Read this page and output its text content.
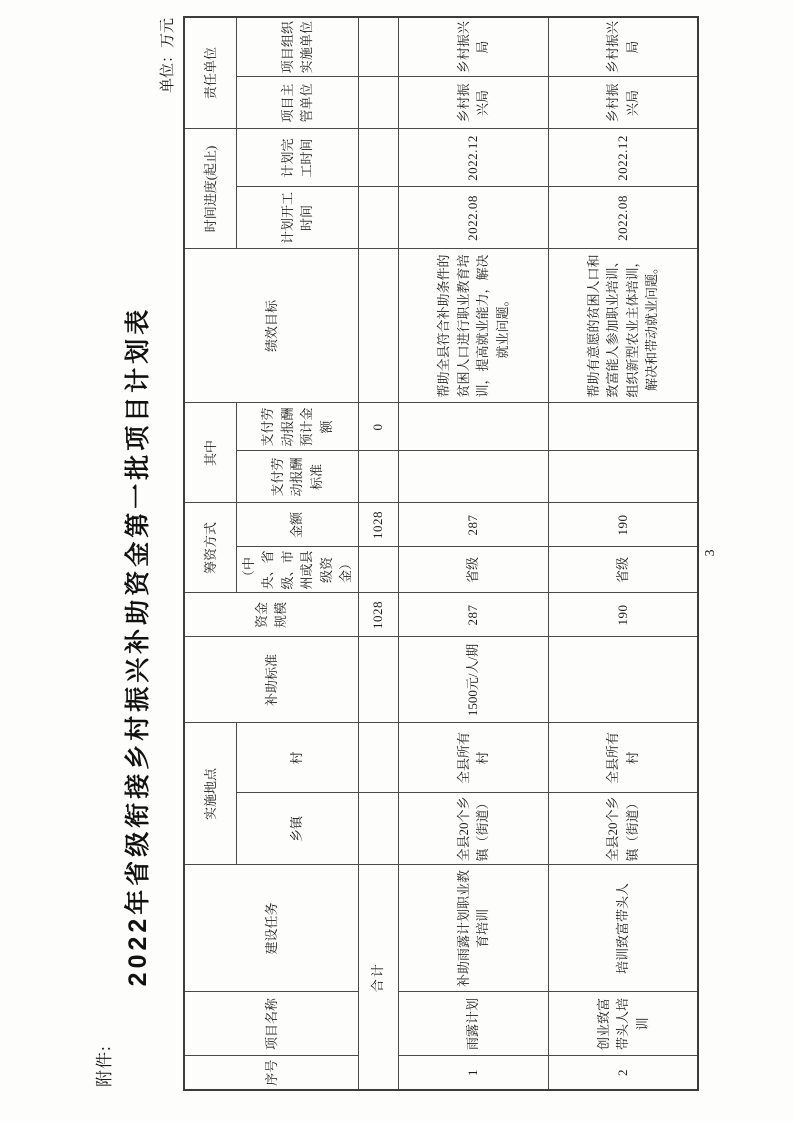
附件:
2022年省级衔接乡村振兴补助资金第一批项目计划表
单位：万元
序号	项目名称	建设任务	实施地点		补助标准	资金规模	筹资方式		其中		绩效目标	时间进度(起止)		责任单位	
			乡镇	村			（中央、省级、市州或县级资金）	金额	支付劳动报酬标准	支付劳动报酬预计金额		计划开工时间	计划完工时间	项目主管单位	项目组织实施单位
合计						1028		1028		0					
1	雨露计划	补助雨露计划职业教育培训	全县20个乡镇（街道）	全县所有村	1500元/人/期	287	省级	287			帮助全县符合补助条件的贫困人口进行职业教育培训，提高就业能力，解决就业问题。	2022.08	2022.12	乡村振兴局	乡村振兴局
2	创业致富带头人培训	培训致富带头人	全县20个乡镇（街道）	全县所有村		190	省级	190			帮助有意愿的贫困人口和致富能人参加职业培训、组织新型农业主体培训，解决和带动就业问题。	2022.08	2022.12	乡村振兴局	乡村振兴局
3
